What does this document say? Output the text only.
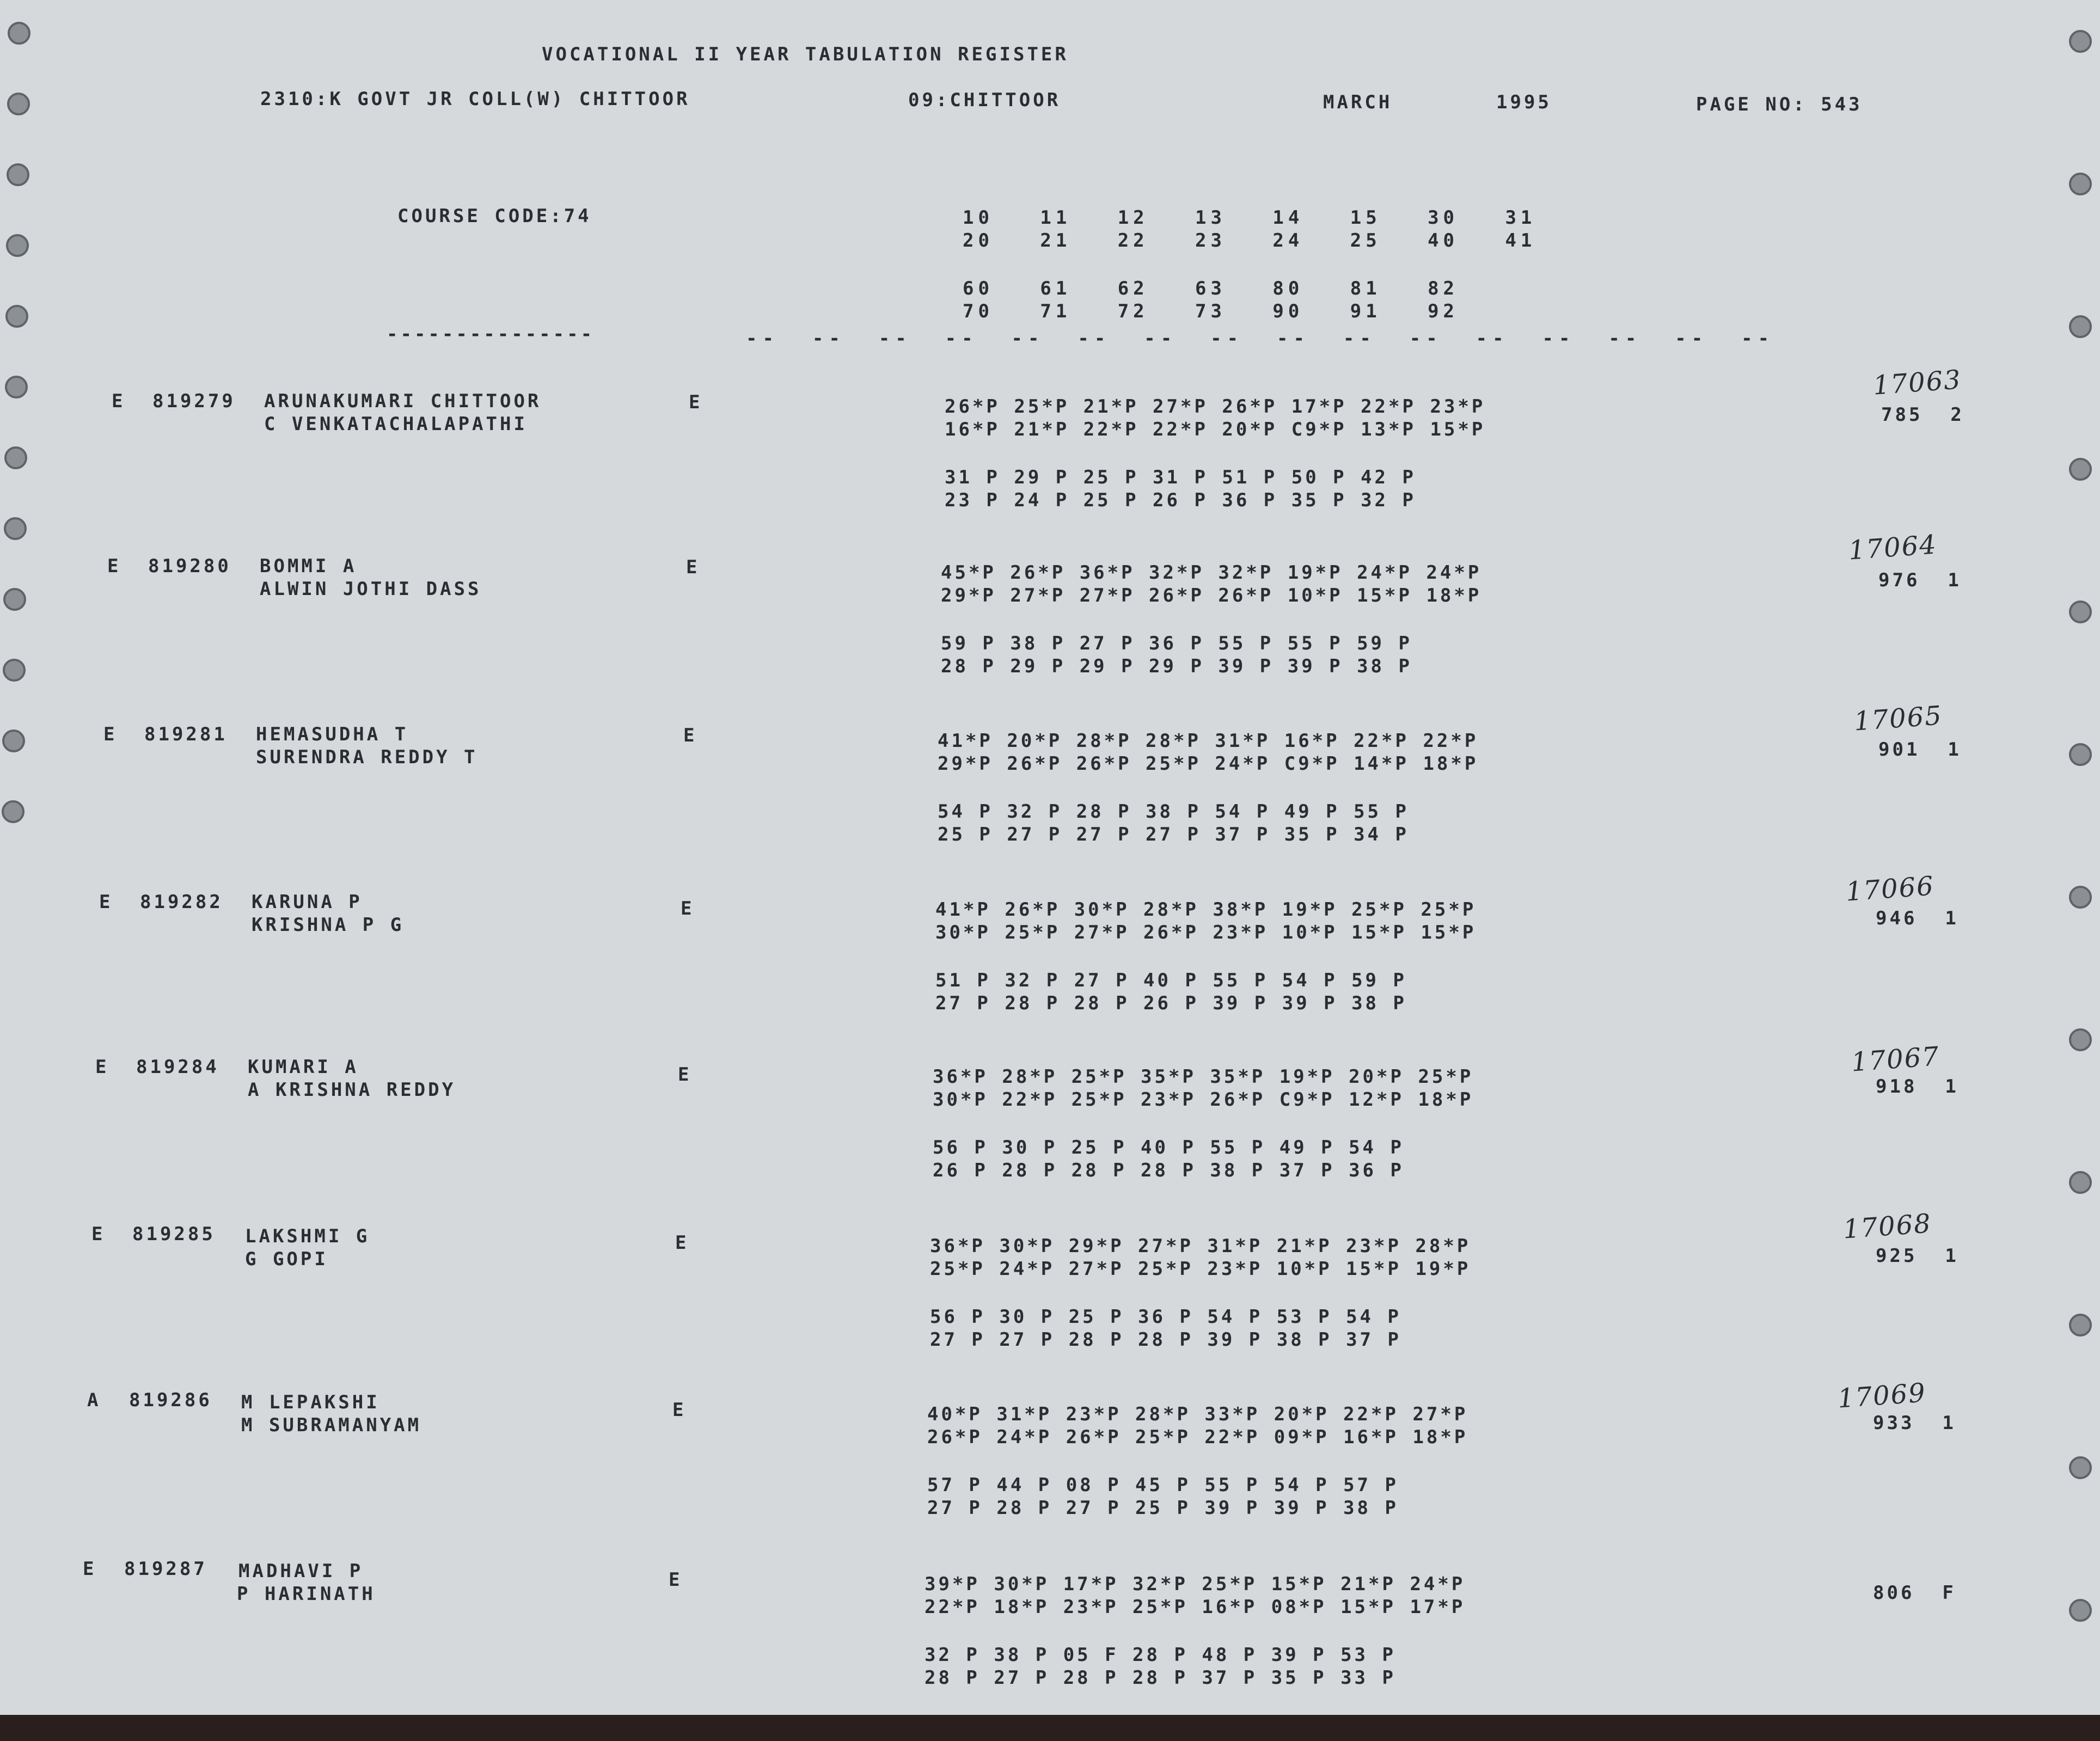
VOCATIONAL II YEAR TABULATION REGISTER
2310:K GOVT JR COLL(W) CHITTOOR	09:CHITTOOR	MARCH	1995	PAGE NO: 543
COURSE CODE:74	10   11   12   13   14   15   30   31
20   21   22   23   24   25   40   41
60   61   62   63   80   81   82
70   71   72   73   90   91   92
---------------	--  --  --  --  --  --  --  --  --  --  --  --  --  --  --  --
E 819279 ARUNAKUMARI CHITTOOR
C VENKATACHALAPATHI
E	26*P 25*P 21*P 27*P 26*P 17*P 22*P 23*P
16*P 21*P 22*P 22*P 20*P C9*P 13*P 15*P
31 P 29 P 25 P 31 P 51 P 50 P 42 P
23 P 24 P 25 P 26 P 36 P 35 P 32 P
17063
785  2
E 819280 BOMMI A
ALWIN JOTHI DASS
E	45*P 26*P 36*P 32*P 32*P 19*P 24*P 24*P
29*P 27*P 27*P 26*P 26*P 10*P 15*P 18*P
59 P 38 P 27 P 36 P 55 P 55 P 59 P
28 P 29 P 29 P 29 P 39 P 39 P 38 P
17064
976  1
E 819281 HEMASUDHA T
SURENDRA REDDY T
E	41*P 20*P 28*P 28*P 31*P 16*P 22*P 22*P
29*P 26*P 26*P 25*P 24*P C9*P 14*P 18*P
54 P 32 P 28 P 38 P 54 P 49 P 55 P
25 P 27 P 27 P 27 P 37 P 35 P 34 P
17065
901  1
E 819282 KARUNA P
KRISHNA P G
E	41*P 26*P 30*P 28*P 38*P 19*P 25*P 25*P
30*P 25*P 27*P 26*P 23*P 10*P 15*P 15*P
51 P 32 P 27 P 40 P 55 P 54 P 59 P
27 P 28 P 28 P 26 P 39 P 39 P 38 P
17066
946  1
E 819284 KUMARI A
A KRISHNA REDDY
E	36*P 28*P 25*P 35*P 35*P 19*P 20*P 25*P
30*P 22*P 25*P 23*P 26*P C9*P 12*P 18*P
56 P 30 P 25 P 40 P 55 P 49 P 54 P
26 P 28 P 28 P 28 P 38 P 37 P 36 P
17067
918  1
E 819285 LAKSHMI G
G GOPI
E	36*P 30*P 29*P 27*P 31*P 21*P 23*P 28*P
25*P 24*P 27*P 25*P 23*P 10*P 15*P 19*P
56 P 30 P 25 P 36 P 54 P 53 P 54 P
27 P 27 P 28 P 28 P 39 P 38 P 37 P
17068
925  1
A 819286 M LEPAKSHI
M SUBRAMANYAM
E	40*P 31*P 23*P 28*P 33*P 20*P 22*P 27*P
26*P 24*P 26*P 25*P 22*P 09*P 16*P 18*P
57 P 44 P 08 P 45 P 55 P 54 P 57 P
27 P 28 P 27 P 25 P 39 P 39 P 38 P
17069
933  1
E 819287 MADHAVI P
P HARINATH
E	39*P 30*P 17*P 32*P 25*P 15*P 21*P 24*P
22*P 18*P 23*P 25*P 16*P 08*P 15*P 17*P
32 P 38 P 05 F 28 P 48 P 39 P 53 P
28 P 27 P 28 P 28 P 37 P 35 P 33 P
806  F
